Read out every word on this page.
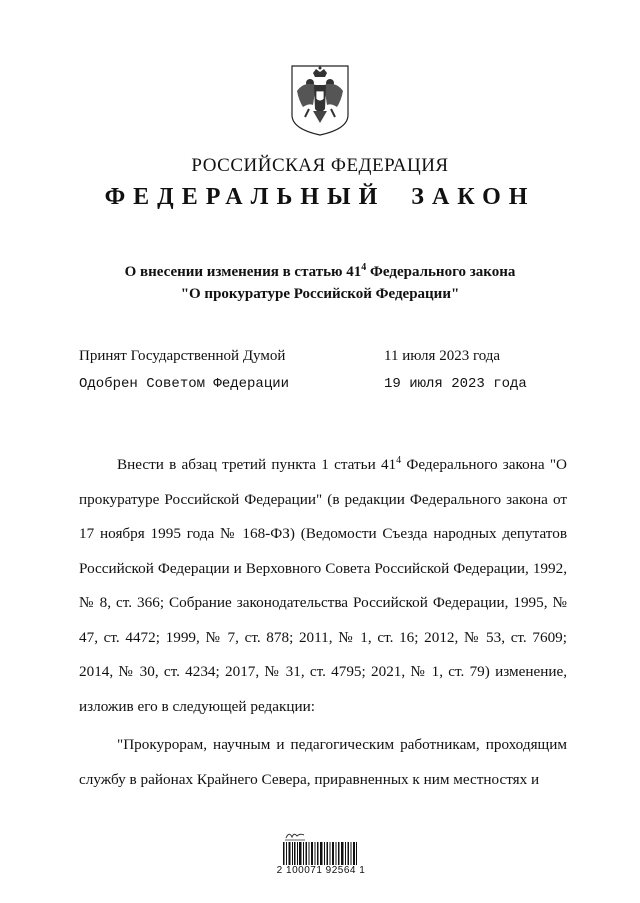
РОССИЙСКАЯ ФЕДЕРАЦИЯ
ФЕДЕРАЛЬНЫЙ ЗАКОН
О внесении изменения в статью $41^4$ Федерального закона
"О прокуратуре Российской Федерации"
Принят Государственной Думой	11 июля 2023 года
Одобрен Советом Федерации	19 июля 2023 года

Внести в абзац третий пункта 1 статьи $41^4$ Федерального закона "О прокуратуре Российской Федерации" (в редакции Федерального закона от 17 ноября 1995 года № 168-ФЗ) (Ведомости Съезда народных депутатов Российской Федерации и Верховного Совета Российской Федерации, 1992, № 8, ст. 366; Собрание законодательства Российской Федерации, 1995, № 47, ст. 4472; 1999, № 7, ст. 878; 2011, № 1, ст. 16; 2012, № 53, ст. 7609; 2014, № 30, ст. 4234; 2017, № 31, ст. 4795; 2021, № 1, ст. 79) изменение, изложив его в следующей редакции:

"Прокурорам, научным и педагогическим работникам, проходящим службу в районах Крайнего Севера, приравненных к ним местностях и

2 100071 92564 1
